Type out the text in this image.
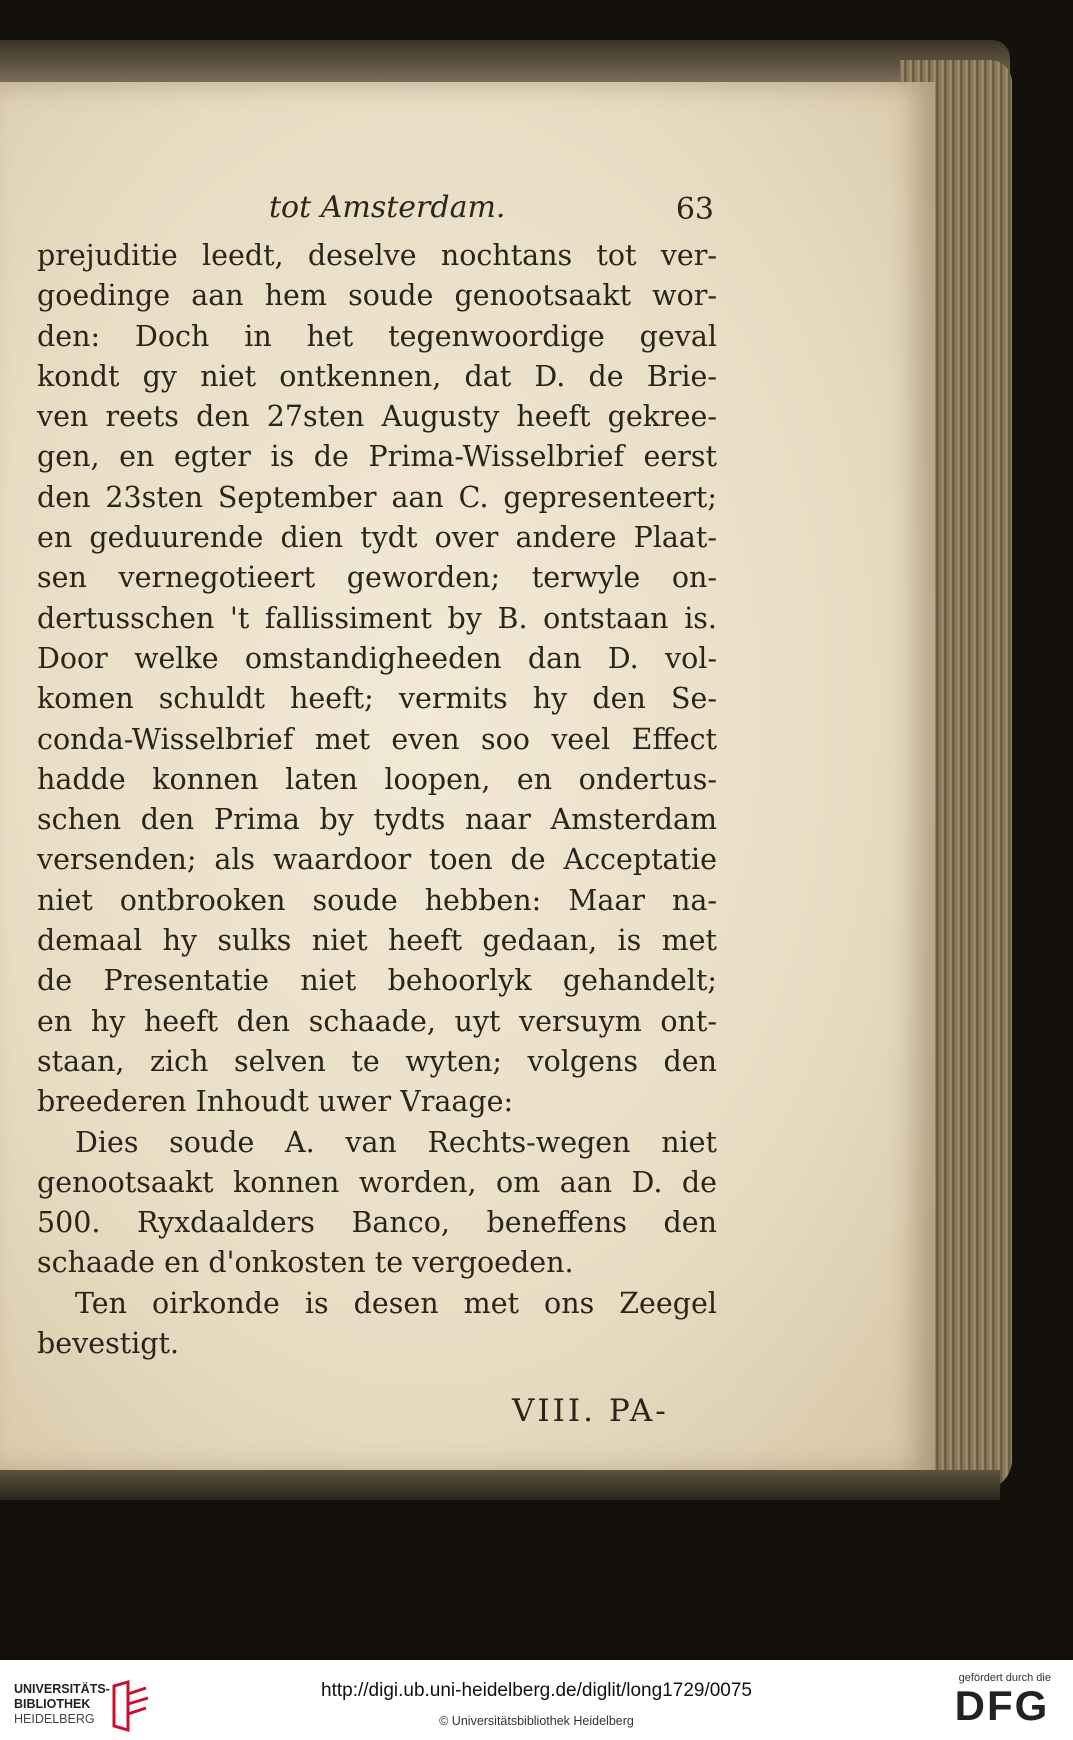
tot Amsterdam.	63
prejuditie leedt, deselve nochtans tot ver-
goedinge aan hem soude genootsaakt wor-
den: Doch in het tegenwoordige geval
kondt gy niet ontkennen, dat D. de Brie-
ven reets den 27sten Augusty heeft gekree-
gen, en egter is de Prima-Wisselbrief eerst
den 23sten September aan C. gepresenteert;
en geduurende dien tydt over andere Plaat-
sen vernegotieert geworden; terwyle on-
dertusschen 't fallissiment by B. ontstaan is.
Door welke omstandigheeden dan D. vol-
komen schuldt heeft; vermits hy den Se-
conda-Wisselbrief met even soo veel Effect
hadde konnen laten loopen, en ondertus-
schen den Prima by tydts naar Amsterdam
versenden; als waardoor toen de Acceptatie
niet ontbrooken soude hebben: Maar na-
demaal hy sulks niet heeft gedaan, is met
de Presentatie niet behoorlyk gehandelt;
en hy heeft den schaade, uyt versuym ont-
staan, zich selven te wyten; volgens den
breederen Inhoudt uwer Vraage:
Dies soude A. van Rechts-wegen niet
genootsaakt konnen worden, om aan D. de
500. Ryxdaalders Banco, beneffens den
schaade en d'onkosten te vergoeden.
Ten oirkonde is desen met ons Zeegel
bevestigt.
VIII. PA-
UNIVERSITÄTS-
BIBLIOTHEK
HEIDELBERG
http://digi.ub.uni-heidelberg.de/diglit/long1729/0075
© Universitätsbibliothek Heidelberg
gefördert durch die
DFG
